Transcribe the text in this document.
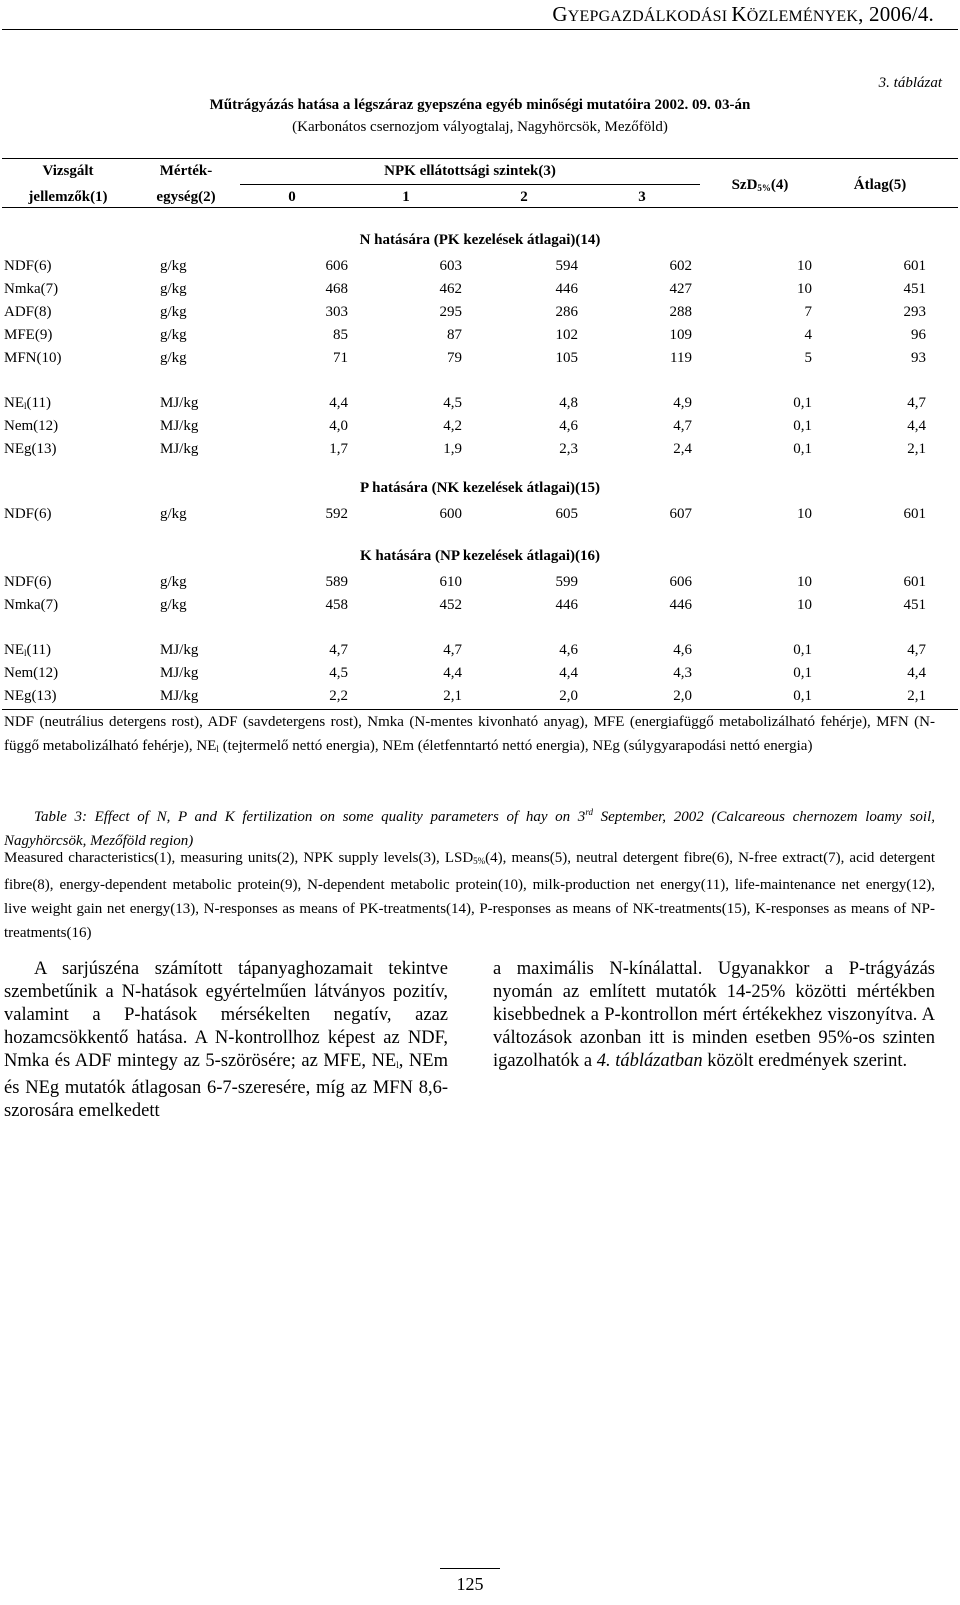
GYEPGAZDÁLKODÁSI KÖZLEMÉNYEK, 2006/4.
3. táblázat
Műtrágyázás hatása a légszáraz gyepszéna egyéb minőségi mutatóira 2002. 09. 03-án
(Karbonátos csernozjom vályogtalaj, Nagyhörcsök, Mezőföld)
Vizsgált
jellemzők(1)
Mérték-
egység(2)
NPK ellátottsági szintek(3)
0	1	2	3
SzD$_{5\%}$(4)	Átlag(5)
N hatására (PK kezelések átlagai)(14)
NDF(6)	g/kg	606	603	594	602	10	601
Nmka(7)	g/kg	468	462	446	427	10	451
ADF(8)	g/kg	303	295	286	288	7	293
MFE(9)	g/kg	85	87	102	109	4	96
MFN(10)	g/kg	71	79	105	119	5	93
$NE_l(11)$	MJ/kg	4,4	4,5	4,8	4,9	0,1	4,7
Nem(12)	MJ/kg	4,0	4,2	4,6	4,7	0,1	4,4
NEg(13)	MJ/kg	1,7	1,9	2,3	2,4	0,1	2,1
P hatására (NK kezelések átlagai)(15)
NDF(6)	g/kg	592	600	605	607	10	601
K hatására (NP kezelések átlagai)(16)
NDF(6)	g/kg	589	610	599	606	10	601
Nmka(7)	g/kg	458	452	446	446	10	451
$NE_l(11)$	MJ/kg	4,7	4,7	4,6	4,6	0,1	4,7
Nem(12)	MJ/kg	4,5	4,4	4,4	4,3	0,1	4,4
NEg(13)	MJ/kg	2,2	2,1	2,0	2,0	0,1	2,1
NDF (neutrálius detergens rost), ADF (savdetergens rost), Nmka (N-mentes kivonható anyag), MFE (energiafüggő metabolizálható fehérje), MFN (N-függő metabolizálható fehérje), $NE_l$ (tejtermelő nettó energia), NEm (életfenntartó nettó energia), NEg (súlygyarapodási nettó energia)
Table 3: Effect of N, P and K fertilization on some quality parameters of hay on 3rd September, 2002 (Calcareous chernozem loamy soil, Nagyhörcsök, Mezőföld region)
Measured characteristics(1), measuring units(2), NPK supply levels(3), $LSD_{5\%}(4)$, means(5), neutral detergent fibre(6), N-free extract(7), acid detergent fibre(8), energy-dependent metabolic protein(9), N-dependent metabolic protein(10), milk-production net energy(11), life-maintenance net energy(12), live weight gain net energy(13), N-responses as means of PK-treatments(14), P-responses as means of NK-treatments(15), K-responses as means of NP-treatments(16)
A sarjúszéna számított tápanyaghozamait tekintve szembetűnik a N-hatások egyértelműen látványos pozitív, valamint a P-hatások mérsékelten negatív, azaz hozamcsökkentő hatása. A N-kontrollhoz képest az NDF, Nmka és ADF mintegy az 5-szörösére; az MFE, $NE_l$, NEm és NEg mutatók átlagosan 6-7-szeresére, míg az MFN 8,6-szorosára emelkedett
a maximális N-kínálattal. Ugyanakkor a P-trágyázás nyomán az említett mutatók 14-25% közötti mértékben kisebbednek a P-kontrollon mért értékekhez viszonyítva. A változások azonban itt is minden esetben 95%-os szinten igazolhatók a 4. táblázatban közölt eredmények szerint.
125
